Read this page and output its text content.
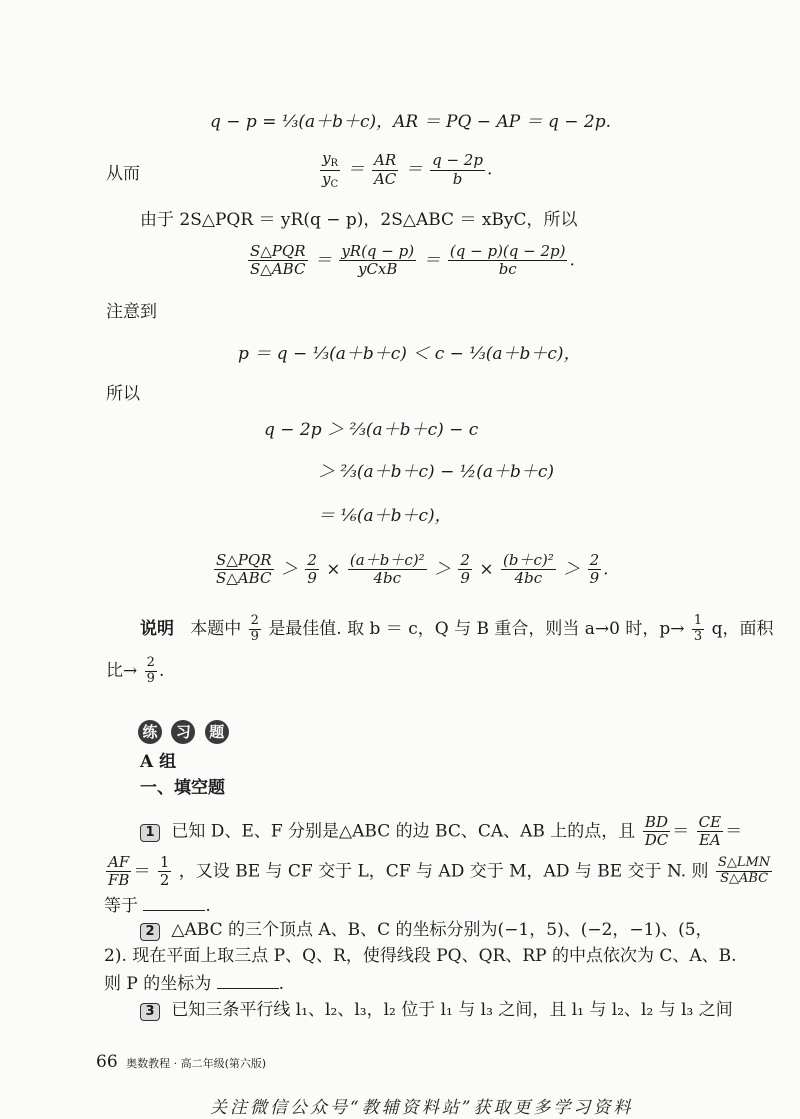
q − p = ⅓(a＋b＋c)，AR ＝ PQ − AP ＝ q − 2p.
从而	$\frac{y_R}{y_C} = \frac{AR}{AC} = \frac{q - 2p}{b}$ .
由于 2S△PQR ＝ yR(q − p)，2S△ABC ＝ xByC，所以
$\frac{\text{S△PQR}}{\text{S△ABC}} = \frac{yR(q - p)}{\text{yCxB}} = \frac{(q - p)(q - 2p)}{bc}$ .
注意到
p ＝ q − ⅓(a＋b＋c) ＜ c − ⅓(a＋b＋c)，
所以
q − 2p ＞ ⅔(a＋b＋c) − c
＞ ⅔(a＋b＋c) − ½(a＋b＋c)
＝ ⅙(a＋b＋c)，
$\frac{\text{S△PQR}}{\text{S△ABC}} > \frac{2}{9} \times \frac{\text{(a＋b＋c)²}}{4bc} > \frac{2}{9} \times \frac{\text{(b＋c)²}}{4bc} > \frac{2}{9}$ .
说明 本题中 $\frac{2}{9}$ 是最佳值. 取 b ＝ c，Q 与 B 重合，则当 a→0 时，$p\to \frac{1}{3}$ q，面积
比→ $\frac{2}{9}$ .
练 习 题
A 组
一、填空题
1 已知 D、E、F 分别是△ABC 的边 BC、CA、AB 上的点，且 $\frac{BD}{DC} = \frac{CE}{EA}$ ＝
$\frac{AF}{FB} = \frac{1}{2}$ ，又设 BE 与 CF 交于 L，CF 与 AD 交于 M，AD 与 BE 交于 N. 则 $\frac{\text{S△LMN}}{\text{S△ABC}}$
等于	.
2 △ABC 的三个顶点 A、B、C 的坐标分别为(−1，5)、(−2，−1)、(5，
2). 现在平面上取三点 P、Q、R，使得线段 PQ、QR、RP 的中点依次为 C、A、B.
则 P 的坐标为	.
3 已知三条平行线 l₁、l₂、l₃，l₂ 位于 l₁ 与 l₃ 之间，且 l₁ 与 l₂、l₂ 与 l₃ 之间
66 奥数教程 · 高二年级(第六版)
关注微信公众号“教辅资料站”获取更多学习资料
